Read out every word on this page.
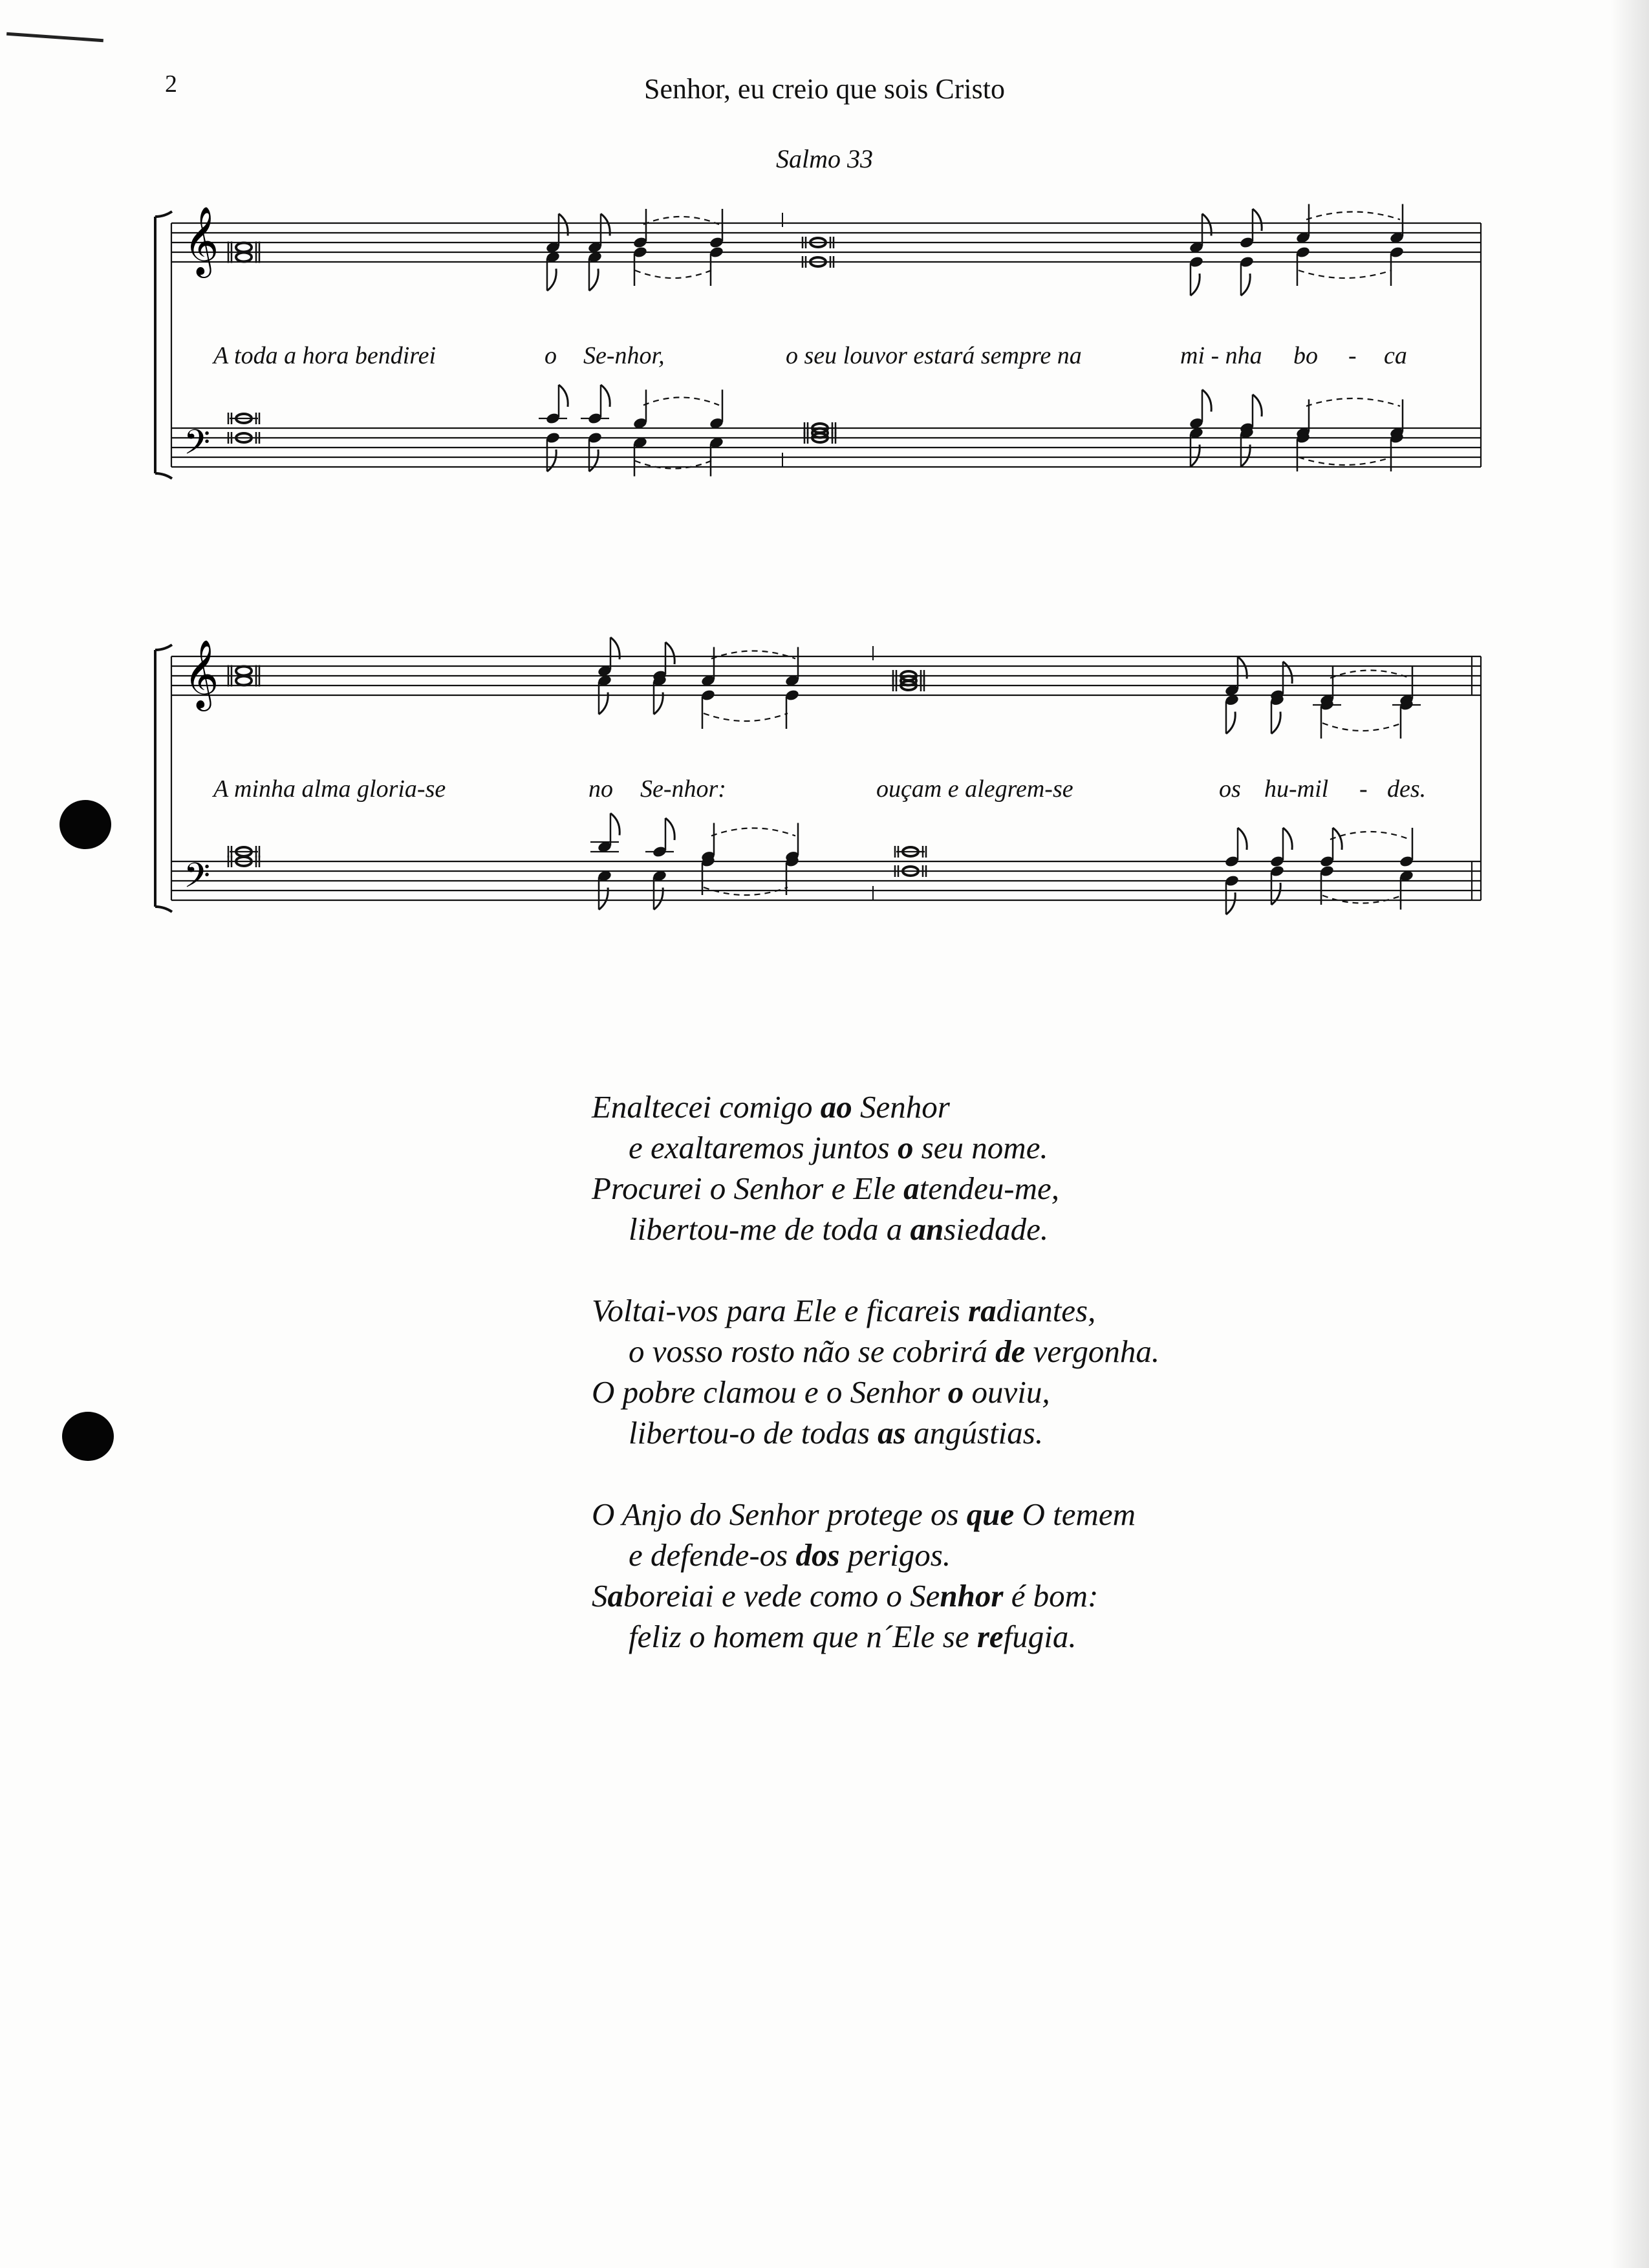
2	Senhor, eu creio que sois Cristo
Salmo 33
𝄞
𝄢
A toda a hora bendirei	o Se-nhor,	o seu louvor estará sempre na	mi - nha bo - ca
𝄞
𝄢
A minha alma gloria-se	no Se-nhor:	ouçam e alegrem-se	os hu-mil - des.
Enaltecei comigo ao Senhor
e exaltaremos juntos o seu nome.
Procurei o Senhor e Ele atendeu-me,
libertou-me de toda a ansiedade.
Voltai-vos para Ele e ficareis radiantes,
o vosso rosto não se cobrirá de vergonha.
O pobre clamou e o Senhor o ouviu,
libertou-o de todas as angústias.
O Anjo do Senhor protege os que O temem
e defende-os dos perigos.
Saboreiai e vede como o Senhor é bom:
feliz o homem que n´Ele se refugia.
